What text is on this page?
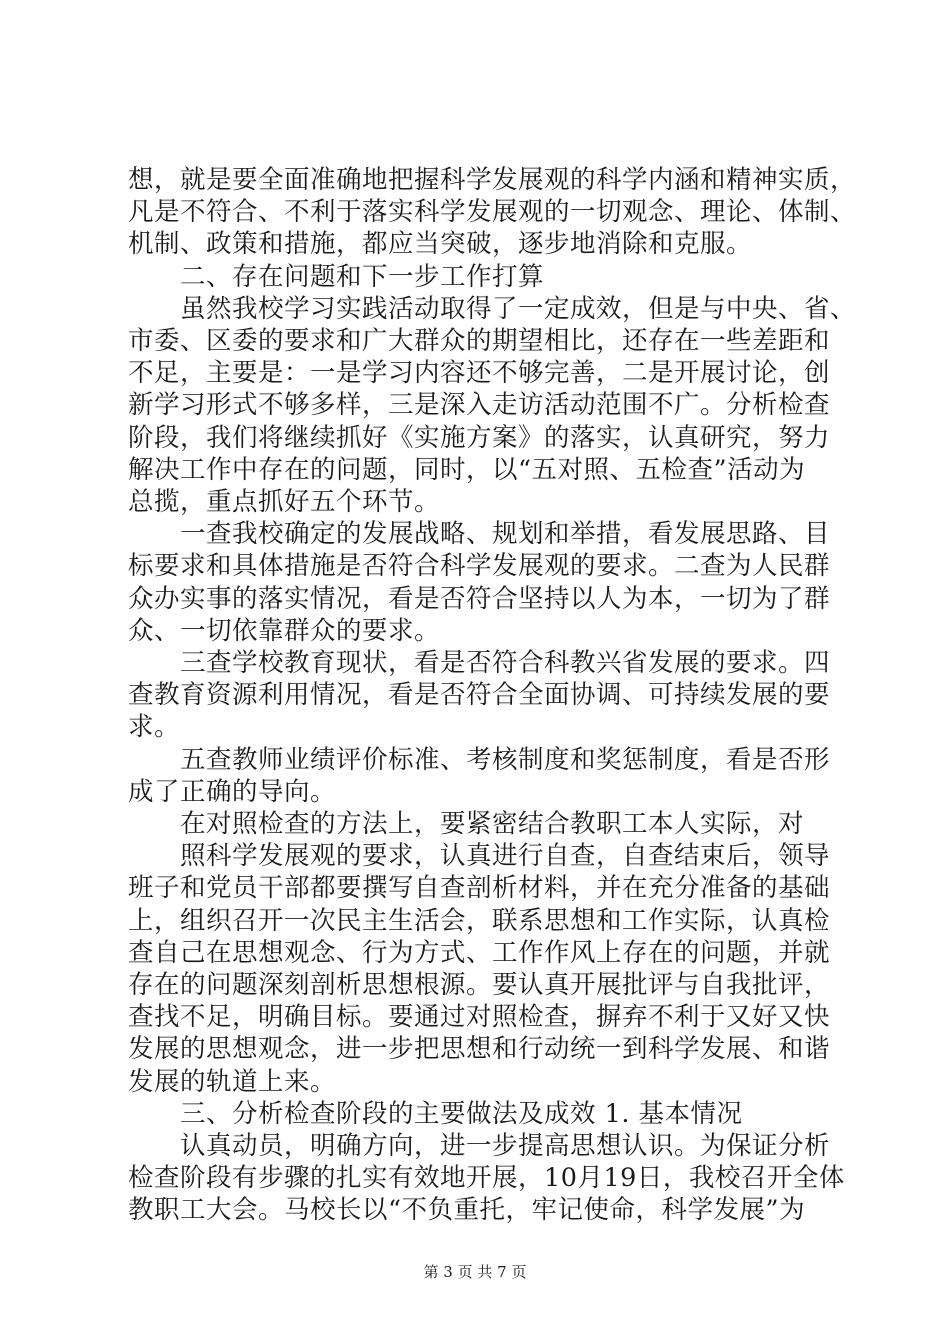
想，就是要全面准确地把握科学发展观的科学内涵和精神实质，
凡是不符合、不利于落实科学发展观的一切观念、理论、体制、
机制、政策和措施，都应当突破，逐步地消除和克服。
二、存在问题和下一步工作打算
虽然我校学习实践活动取得了一定成效，但是与中央、省、
市委、区委的要求和广大群众的期望相比，还存在一些差距和
不足，主要是：一是学习内容还不够完善，二是开展讨论，创
新学习形式不够多样，三是深入走访活动范围不广。分析检查
阶段，我们将继续抓好《实施方案》的落实，认真研究，努力
解决工作中存在的问题，同时，以“五对照、五检查”活动为
总揽，重点抓好五个环节。
一查我校确定的发展战略、规划和举措，看发展思路、目
标要求和具体措施是否符合科学发展观的要求。二查为人民群
众办实事的落实情况，看是否符合坚持以人为本，一切为了群
众、一切依靠群众的要求。
三查学校教育现状，看是否符合科教兴省发展的要求。四
查教育资源利用情况，看是否符合全面协调、可持续发展的要
求。
五查教师业绩评价标准、考核制度和奖惩制度，看是否形
成了正确的导向。
在对照检查的方法上，要紧密结合教职工本人实际，对
照科学发展观的要求，认真进行自查，自查结束后，领导
班子和党员干部都要撰写自查剖析材料，并在充分准备的基础
上，组织召开一次民主生活会，联系思想和工作实际，认真检
查自己在思想观念、行为方式、工作作风上存在的问题，并就
存在的问题深刻剖析思想根源。要认真开展批评与自我批评，
查找不足，明确目标。要通过对照检查，摒弃不利于又好又快
发展的思想观念，进一步把思想和行动统一到科学发展、和谐
发展的轨道上来。
三、分析检查阶段的主要做法及成效 1. 基本情况
认真动员，明确方向，进一步提高思想认识。为保证分析
检查阶段有步骤的扎实有效地开展，10月19日，我校召开全体
教职工大会。马校长以“不负重托，牢记使命，科学发展”为
第 3 页 共 7 页
